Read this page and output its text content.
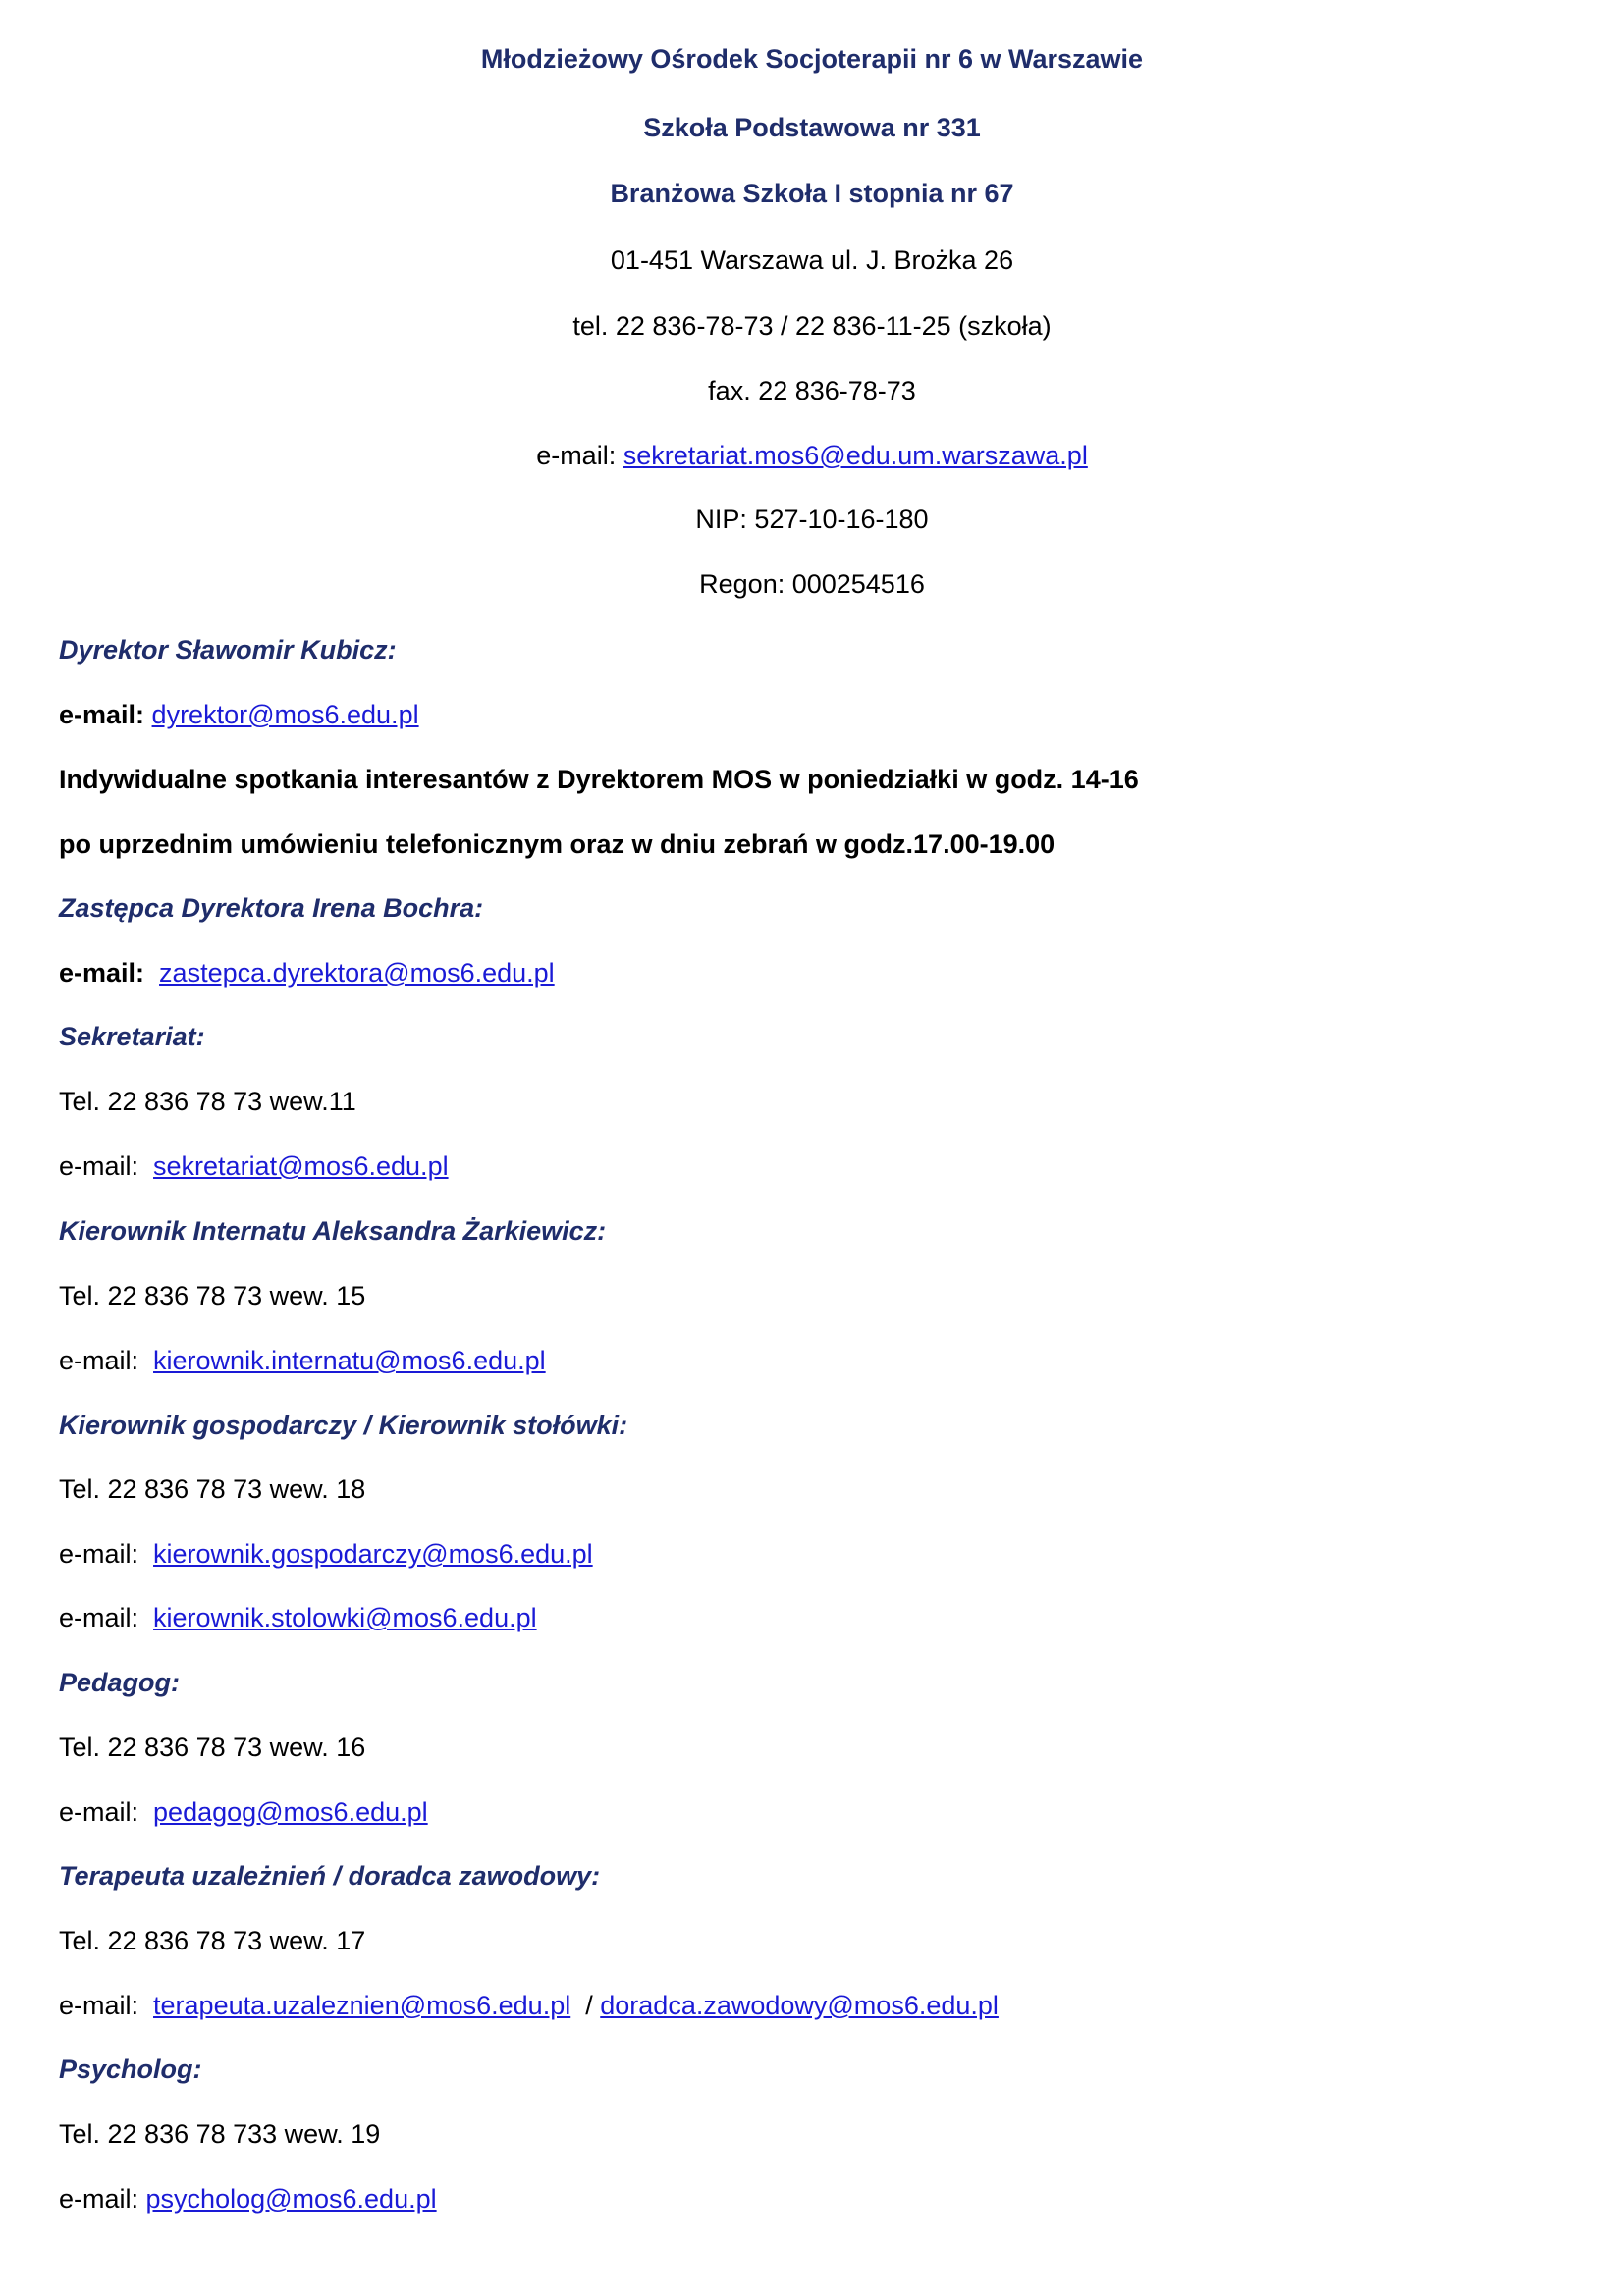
Młodzieżowy Ośrodek Socjoterapii nr 6 w Warszawie
Szkoła Podstawowa nr 331
Branżowa Szkoła I stopnia nr 67
01-451 Warszawa ul. J. Brożka 26
tel. 22 836-78-73 / 22 836-11-25 (szkoła)
fax. 22 836-78-73
e-mail: sekretariat.mos6@edu.um.warszawa.pl
NIP: 527-10-16-180
Regon: 000254516
Dyrektor Sławomir Kubicz:
e-mail: dyrektor@mos6.edu.pl
Indywidualne spotkania interesantów z Dyrektorem MOS w poniedziałki w godz. 14-16
po uprzednim umówieniu telefonicznym oraz w dniu zebrań w godz.17.00-19.00
Zastępca Dyrektora Irena Bochra:
e-mail: zastepca.dyrektora@mos6.edu.pl
Sekretariat:
Tel. 22 836 78 73 wew.11
e-mail: sekretariat@mos6.edu.pl
Kierownik Internatu Aleksandra Żarkiewicz:
Tel. 22 836 78 73 wew. 15
e-mail: kierownik.internatu@mos6.edu.pl
Kierownik gospodarczy / Kierownik stołówki:
Tel. 22 836 78 73 wew. 18
e-mail: kierownik.gospodarczy@mos6.edu.pl
e-mail: kierownik.stolowki@mos6.edu.pl
Pedagog:
Tel. 22 836 78 73 wew. 16
e-mail: pedagog@mos6.edu.pl
Terapeuta uzależnień / doradca zawodowy:
Tel. 22 836 78 73 wew. 17
e-mail: terapeuta.uzaleznien@mos6.edu.pl / doradca.zawodowy@mos6.edu.pl
Psycholog:
Tel. 22 836 78 733 wew. 19
e-mail: psycholog@mos6.edu.pl
